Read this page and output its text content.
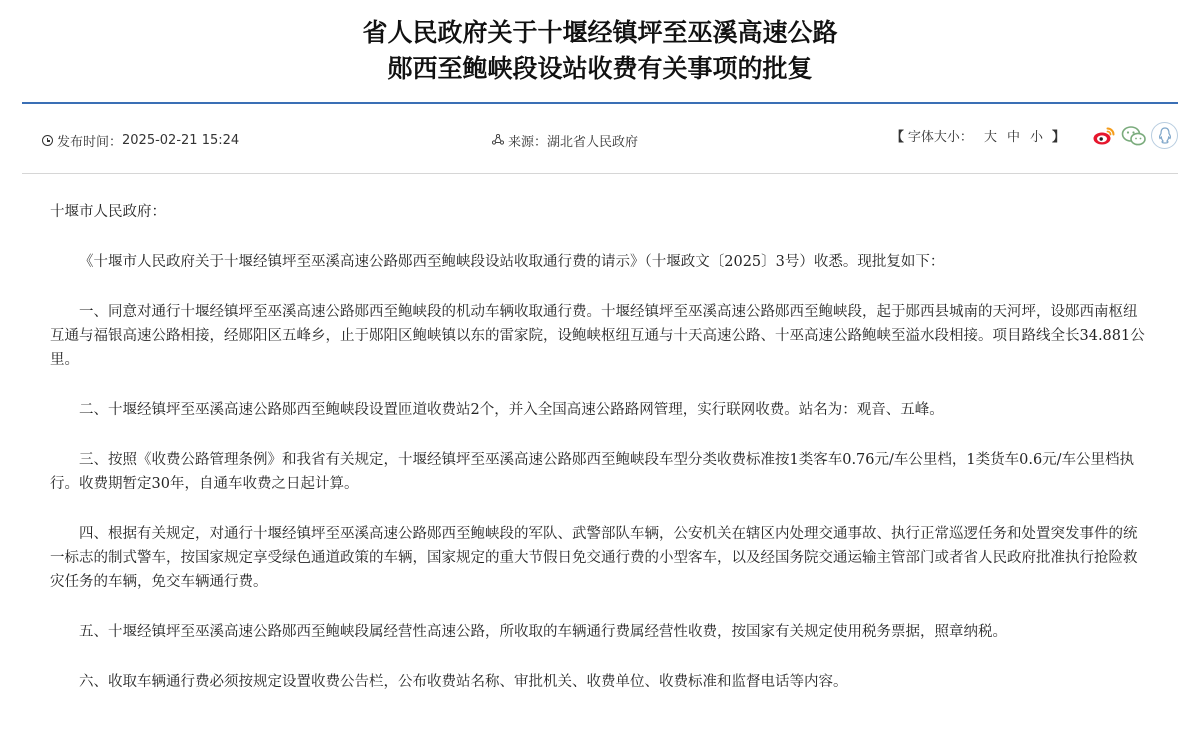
省人民政府关于十堰经镇坪至巫溪高速公路
郧西至鲍峡段设站收费有关事项的批复
发布时间： 2025-02-21 15:24	来源： 湖北省人民政府	【 字体大小： 大 中 小 】

十堰市人民政府：

《十堰市人民政府关于十堰经镇坪至巫溪高速公路郧西至鲍峡段设站收取通行费的请示》（十堰政文〔2025〕3号）收悉。现批复如下：

一、同意对通行十堰经镇坪至巫溪高速公路郧西至鲍峡段的机动车辆收取通行费。十堰经镇坪至巫溪高速公路郧西至鲍峡段，起于郧西县城南的天河坪，设郧西南枢纽互通与福银高速公路相接，经郧阳区五峰乡，止于郧阳区鲍峡镇以东的雷家院，设鲍峡枢纽互通与十天高速公路、十巫高速公路鲍峡至溢水段相接。项目路线全长34.881公里。

二、十堰经镇坪至巫溪高速公路郧西至鲍峡段设置匝道收费站2个，并入全国高速公路路网管理，实行联网收费。站名为：观音、五峰。

三、按照《收费公路管理条例》和我省有关规定，十堰经镇坪至巫溪高速公路郧西至鲍峡段车型分类收费标准按1类客车0.76元/车公里档，1类货车0.6元/车公里档执行。收费期暂定30年，自通车收费之日起计算。

四、根据有关规定，对通行十堰经镇坪至巫溪高速公路郧西至鲍峡段的军队、武警部队车辆，公安机关在辖区内处理交通事故、执行正常巡逻任务和处置突发事件的统一标志的制式警车，按国家规定享受绿色通道政策的车辆，国家规定的重大节假日免交通行费的小型客车，以及经国务院交通运输主管部门或者省人民政府批准执行抢险救灾任务的车辆，免交车辆通行费。

五、十堰经镇坪至巫溪高速公路郧西至鲍峡段属经营性高速公路，所收取的车辆通行费属经营性收费，按国家有关规定使用税务票据，照章纳税。

六、收取车辆通行费必须按规定设置收费公告栏，公布收费站名称、审批机关、收费单位、收费标准和监督电话等内容。
